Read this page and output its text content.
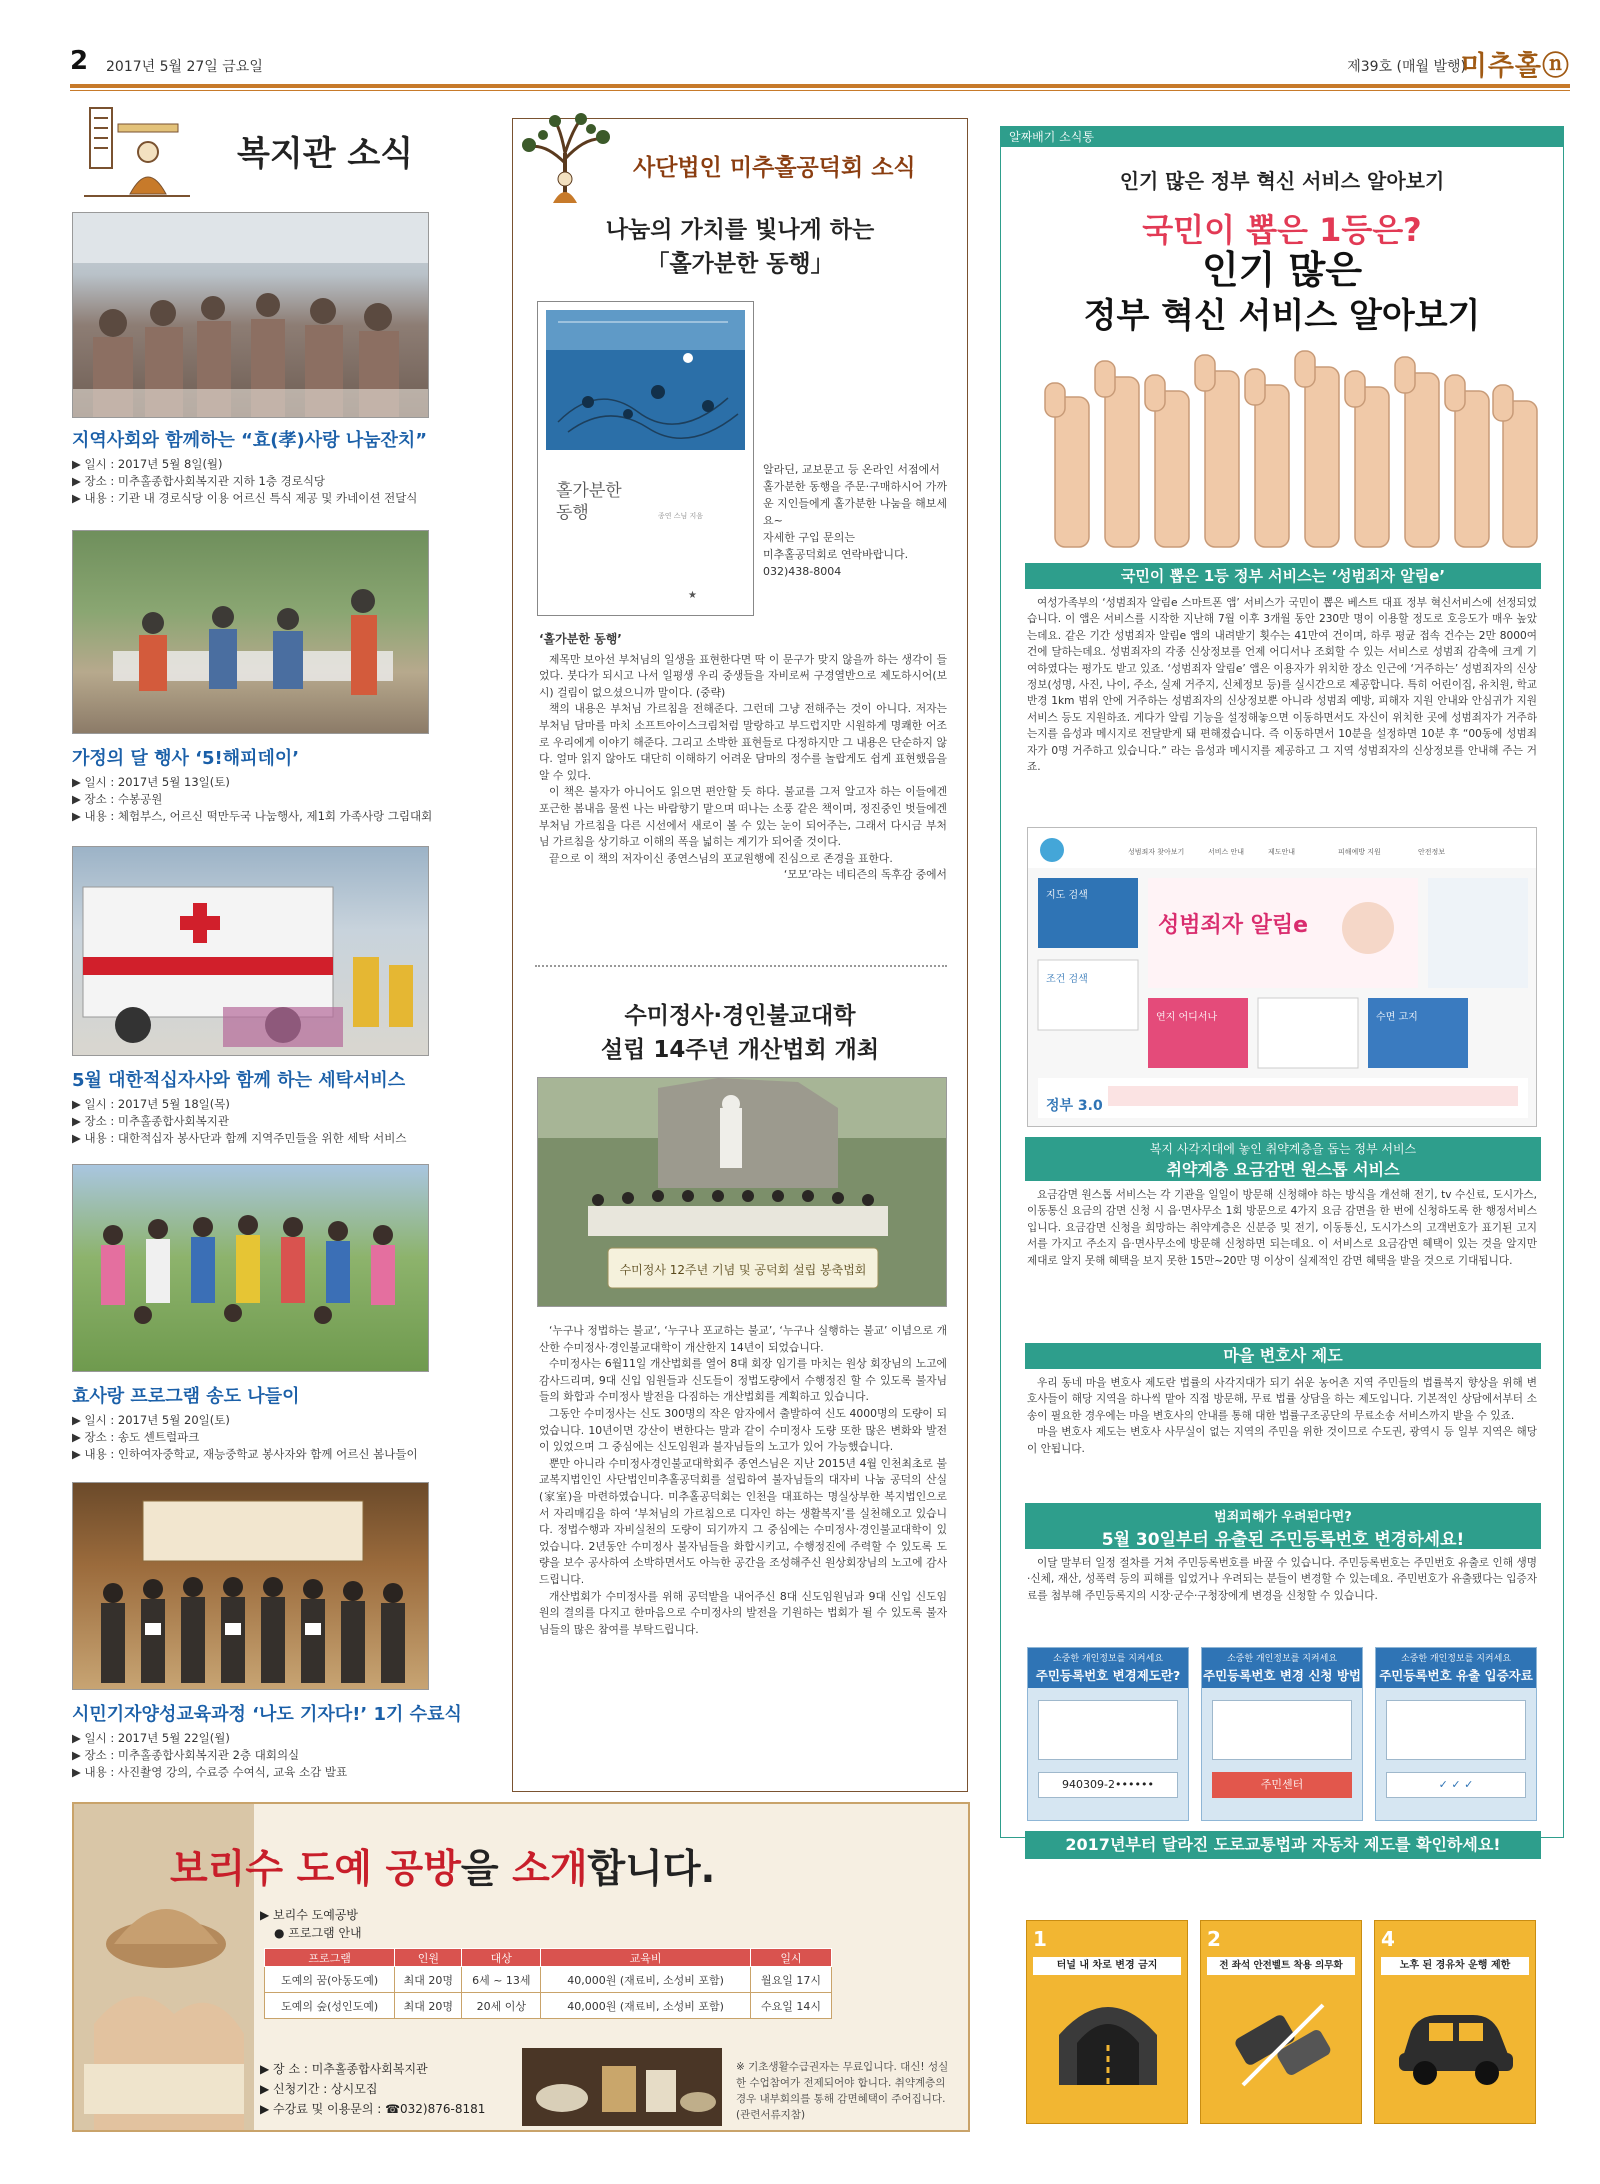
2 2017년 5월 27일 금요일	제39호 (매월 발행)
미추홀ⓝ
복지관 소식
지역사회와 함께하는 “효(孝)사랑 나눔잔치”
▶ 일시 : 2017년 5월 8일(월)
▶ 장소 : 미추홀종합사회복지관 지하 1층 경로식당
▶ 내용 : 기관 내 경로식당 이용 어르신 특식 제공 및 카네이션 전달식
가정의 달 행사 ‘5!해피데이’
▶ 일시 : 2017년 5월 13일(토)
▶ 장소 : 수봉공원
▶ 내용 : 체험부스, 어르신 떡만두국 나눔행사, 제1회 가족사랑 그림대회
5월 대한적십자사와 함께 하는 세탁서비스
▶ 일시 : 2017년 5월 18일(목)
▶ 장소 : 미추홀종합사회복지관
▶ 내용 : 대한적십자 봉사단과 함께 지역주민들을 위한 세탁 서비스
효사랑 프로그램 송도 나들이
▶ 일시 : 2017년 5월 20일(토)
▶ 장소 : 송도 센트럴파크
▶ 내용 : 인하여자중학교, 재능중학교 봉사자와 함께 어르신 봄나들이
시민기자양성교육과정 ‘나도 기자다!’ 1기 수료식
▶ 일시 : 2017년 5월 22일(월)
▶ 장소 : 미추홀종합사회복지관 2층 대회의실
▶ 내용 : 사진촬영 강의, 수료증 수여식, 교육 소감 발표
사단법인 미추홀공덕회 소식
나눔의 가치를 빛나게 하는
「홀가분한 동행」
홀가분한
동행	종연 스님 지음
★
알라딘, 교보문고 등 온라인 서점에서 홀가분한 동행을 주문·구매하시어 가까운 지인들에게 홀가분한 나눔을 해보세요~
자세한 구입 문의는
미추홀공덕회로 연락바랍니다.
032)438-8004
‘홀가분한 동행’

제목만 보아선 부처님의 일생을 표현한다면 딱 이 문구가 맞지 않을까 하는 생각이 들었다. 붓다가 되시고 나서 일평생 우리 중생들을 자비로써 구경열반으로 제도하시어(보시) 걸림이 없으셨으니까 말이다. (중략)

책의 내용은 부처님 가르침을 전해준다. 그런데 그냥 전해주는 것이 아니다. 저자는 부처님 담마를 마치 소프트아이스크림처럼 말랑하고 부드럽지만 시원하게 명쾌한 어조로 우리에게 이야기 해준다. 그리고 소박한 표현들로 다정하지만 그 내용은 단순하지 않다. 얼마 읽지 않아도 대단히 이해하기 어려운 담마의 정수를 놀랍게도 쉽게 표현했음을 알 수 있다.

이 책은 불자가 아니어도 읽으면 편안할 듯 하다. 불교를 그저 알고자 하는 이들에겐 포근한 봄내음 물씬 나는 바람향기 맡으며 떠나는 소풍 같은 책이며, 정진중인 벗들에겐 부처님 가르침을 다른 시선에서 새로이 볼 수 있는 눈이 되어주는, 그래서 다시금 부처님 가르침을 상기하고 이해의 폭을 넓히는 계기가 되어줄 것이다.

끝으로 이 책의 저자이신 종연스님의 포교원행에 진심으로 존경을 표한다.

‘모모’라는 네티즌의 독후감 중에서
수미정사·경인불교대학
설립 14주년 개산법회 개최
수미정사 12주년 기념 및 공덕회 설립 봉축법회

‘누구나 정법하는 불교’, ‘누구나 포교하는 불교’, ‘누구나 실행하는 불교’ 이념으로 개산한 수미정사·경인불교대학이 개산한지 14년이 되었습니다.

수미정사는 6월11일 개산법회를 열어 8대 회장 임기를 마치는 원상 회장님의 노고에 감사드리며, 9대 신입 임원들과 신도들이 정법도량에서 수행정진 할 수 있도록 불자님들의 화합과 수미정사 발전을 다짐하는 개산법회를 계획하고 있습니다.

그동안 수미정사는 신도 300명의 작은 암자에서 출발하여 신도 4000명의 도량이 되었습니다. 10년이면 강산이 변한다는 말과 같이 수미정사 도량 또한 많은 변화와 발전이 있었으며 그 중심에는 신도임원과 불자님들의 노고가 있어 가능했습니다.

뿐만 아니라 수미정사경인불교대학회주 종연스님은 지난 2015년 4월 인천최초로 불교복지법인인 사단법인미추홀공덕회를 설립하여 불자님들의 대자비 나눔 공덕의 산실(家室)을 마련하였습니다. 미추홀공덕회는 인천을 대표하는 명실상부한 복지법인으로서 자리매김을 하여 ‘부처님의 가르침으로 디자인 하는 생활복지’를 실천해오고 있습니다. 정법수행과 자비실천의 도량이 되기까지 그 중심에는 수미정사·경인불교대학이 있었습니다. 2년동안 수미정사 불자님들을 화합시키고, 수행정진에 주력할 수 있도록 도량을 보수 공사하여 소박하면서도 아늑한 공간을 조성해주신 원상회장님의 노고에 감사드립니다.

개산법회가 수미정사를 위해 공덕밭을 내어주신 8대 신도임원님과 9대 신입 신도임원의 결의를 다지고 한마음으로 수미정사의 발전을 기원하는 법회가 될 수 있도록 불자님들의 많은 참여를 부탁드립니다.

알짜배기 소식통
인기 많은 정부 혁신 서비스 알아보기
국민이 뽑은 1등은?
인기 많은
정부 혁신 서비스 알아보기
국민이 뽑은 1등 정부 서비스는 ‘성범죄자 알림e’

여성가족부의 ‘성범죄자 알림e 스마트폰 앱’ 서비스가 국민이 뽑은 베스트 대표 정부 혁신서비스에 선정되었습니다. 이 앱은 서비스를 시작한 지난해 7월 이후 3개월 동안 230만 명이 이용할 정도로 호응도가 매우 높았는데요. 같은 기간 성범죄자 알림e 앱의 내려받기 횟수는 41만여 건이며, 하루 평균 접속 건수는 2만 8000여 건에 달하는데요. 성범죄자의 각종 신상정보를 언제 어디서나 조회할 수 있는 서비스로 성범죄 감축에 크게 기여하였다는 평가도 받고 있죠. ‘성범죄자 알림e’ 앱은 이용자가 위치한 장소 인근에 ‘거주하는’ 성범죄자의 신상정보(성명, 사진, 나이, 주소, 실제 거주지, 신체정보 등)를 실시간으로 제공합니다. 특히 어린이집, 유치원, 학교 반경 1km 범위 안에 거주하는 성범죄자의 신상정보뿐 아니라 성범죄 예방, 피해자 지원 안내와 안심귀가 지원 서비스 등도 지원하죠. 게다가 알림 기능을 설정해놓으면 이동하면서도 자신이 위치한 곳에 성범죄자가 거주하는지를 음성과 메시지로 전달받게 돼 편해졌습니다. 즉 이동하면서 10분을 설정하면 10분 후 “00동에 성범죄자가 0명 거주하고 있습니다.” 라는 음성과 메시지를 제공하고 그 지역 성범죄자의 신상정보를 안내해 주는 거죠.

성범죄자 찾아보기	서비스 안내	제도안내	피해예방 지원	안전정보
지도 검색
성범죄자 알림e
조건 검색
연지 어디서나	수면 고지
정부 3.0
복지 사각지대에 놓인 취약계층을 돕는 정부 서비스
취약계층 요금감면 원스톱 서비스

요금감면 원스톱 서비스는 각 기관을 일일이 방문해 신청해야 하는 방식을 개선해 전기, tv 수신료, 도시가스, 이동통신 요금의 감면 신청 시 읍·면사무소 1회 방문으로 4가지 요금 감면을 한 번에 신청하도록 한 행정서비스입니다. 요금감면 신청을 희망하는 취약계층은 신분증 및 전기, 이동통신, 도시가스의 고객번호가 표기된 고지서를 가지고 주소지 읍·면사무소에 방문해 신청하면 되는데요. 이 서비스로 요금감면 혜택이 있는 것을 알지만 제대로 알지 못해 혜택을 보지 못한 15만~20만 명 이상이 실제적인 감면 혜택을 받을 것으로 기대됩니다.

마을 변호사 제도

우리 동네 마을 변호사 제도란 법률의 사각지대가 되기 쉬운 농어촌 지역 주민들의 법률복지 향상을 위해 변호사들이 해당 지역을 하나씩 맡아 직접 방문해, 무료 법률 상담을 하는 제도입니다. 기본적인 상담에서부터 소송이 필요한 경우에는 마을 변호사의 안내를 통해 대한 법률구조공단의 무료소송 서비스까지 받을 수 있죠.

마을 변호사 제도는 변호사 사무실이 없는 지역의 주민을 위한 것이므로 수도권, 광역시 등 일부 지역은 해당이 안됩니다.

범죄피해가 우려된다면?
5월 30일부터 유출된 주민등록번호 변경하세요!

이달 말부터 일정 절차를 거쳐 주민등록번호를 바꿀 수 있습니다. 주민등록번호는 주민번호 유출로 인해 생명·신체, 재산, 성폭력 등의 피해를 입었거나 우려되는 분들이 변경할 수 있는데요. 주민번호가 유출됐다는 입증자료를 첨부해 주민등록지의 시장·군수·구청장에게 변경을 신청할 수 있습니다.

소중한 개인정보를 지켜세요
주민등록번호 변경제도란?
940309-2••••••
소중한 개인정보를 지켜세요
주민등록번호 변경 신청 방법
주민센터
소중한 개인정보를 지켜세요
주민등록번호 유출 입증자료
✓ ✓ ✓
2017년부터 달라진 도로교통법과 자동차 제도를 확인하세요!
1
터널 내 차로 변경 금지
2
전 좌석 안전벨트 착용 의무화
4
노후 된 경유차 운행 제한
보리수 도예 공방을 소개합니다.
▶ 보리수 도예공방
● 프로그램 안내
프로그램	인원	대상	교육비	일시
도예의 꿈(아동도예)	최대 20명	6세 ~ 13세	40,000원 (재료비, 소성비 포함)	월요일 17시
도예의 숲(성인도예)	최대 20명	20세 이상	40,000원 (재료비, 소성비 포함)	수요일 14시
▶ 장 소 : 미추홀종합사회복지관
▶ 신청기간 : 상시모집
▶ 수강료 및 이용문의 : ☎032)876-8181
※ 기초생활수급권자는 무료입니다. 대신! 성실한 수업참여가 전제되어야 합니다. 취약계층의 경우 내부회의를 통해 감면혜택이 주어집니다. (관련서류지참)
